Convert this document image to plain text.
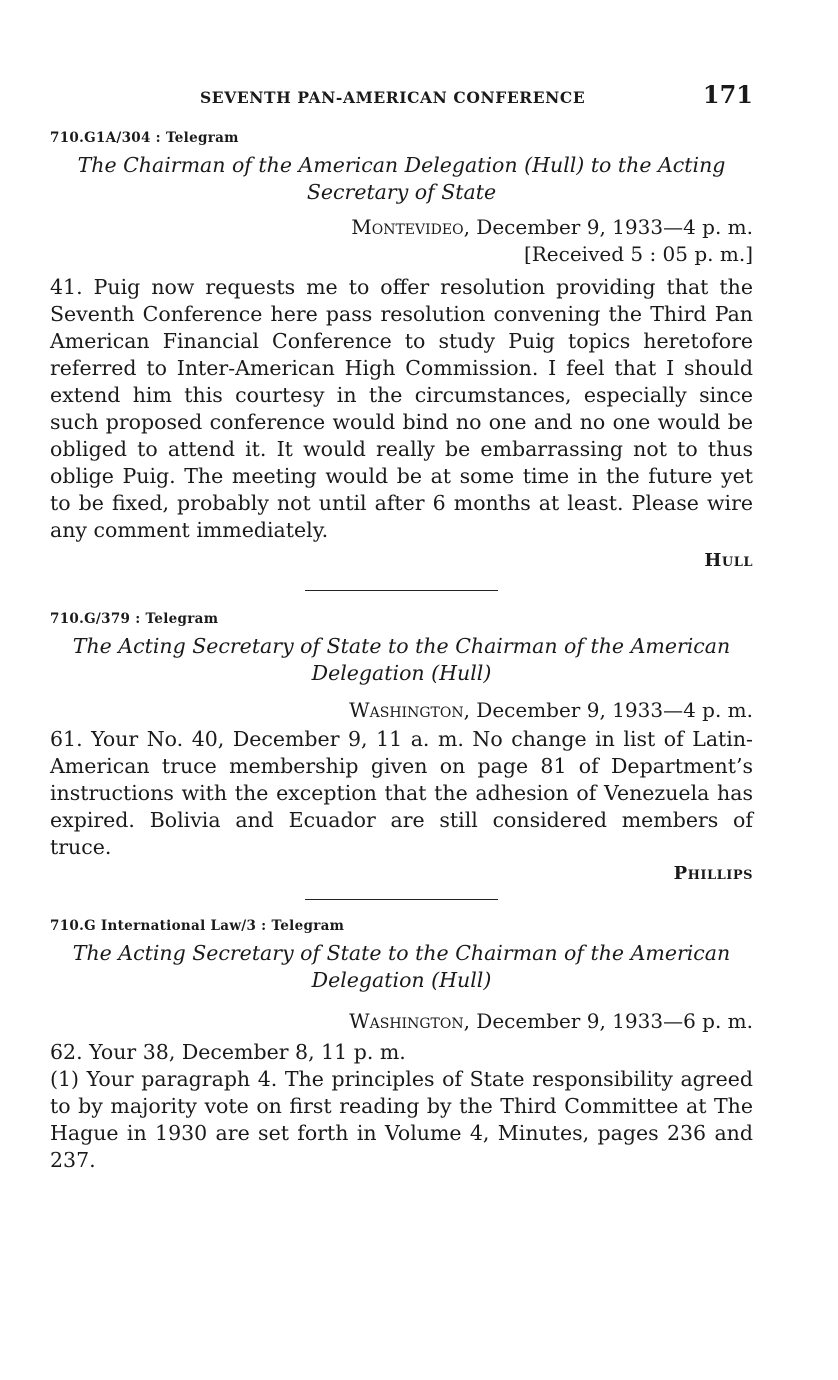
SEVENTH PAN-AMERICAN CONFERENCE	171
710.G1A/304 : Telegram
The Chairman of the American Delegation (Hull) to the Acting Secretary of State
Montevideo, December 9, 1933—4 p. m.
[Received 5 : 05 p. m.]

41. Puig now requests me to offer resolution providing that the Seventh Conference here pass resolution convening the Third Pan American Financial Conference to study Puig topics heretofore referred to Inter-American High Commission. I feel that I should extend him this courtesy in the circumstances, especially since such proposed conference would bind no one and no one would be obliged to attend it. It would really be embarrassing not to thus oblige Puig. The meeting would be at some time in the future yet to be fixed, probably not until after 6 months at least. Please wire any comment immediately.

Hull
710.G/379 : Telegram
The Acting Secretary of State to the Chairman of the American Delegation (Hull)
Washington, December 9, 1933—4 p. m.

61. Your No. 40, December 9, 11 a. m. No change in list of Latin-American truce membership given on page 81 of Department’s instructions with the exception that the adhesion of Venezuela has expired. Bolivia and Ecuador are still considered members of truce.

Phillips
710.G International Law/3 : Telegram
The Acting Secretary of State to the Chairman of the American Delegation (Hull)
Washington, December 9, 1933—6 p. m.

62. Your 38, December 8, 11 p. m.

(1) Your paragraph 4. The principles of State responsibility agreed to by majority vote on first reading by the Third Committee at The Hague in 1930 are set forth in Volume 4, Minutes, pages 236 and 237.
